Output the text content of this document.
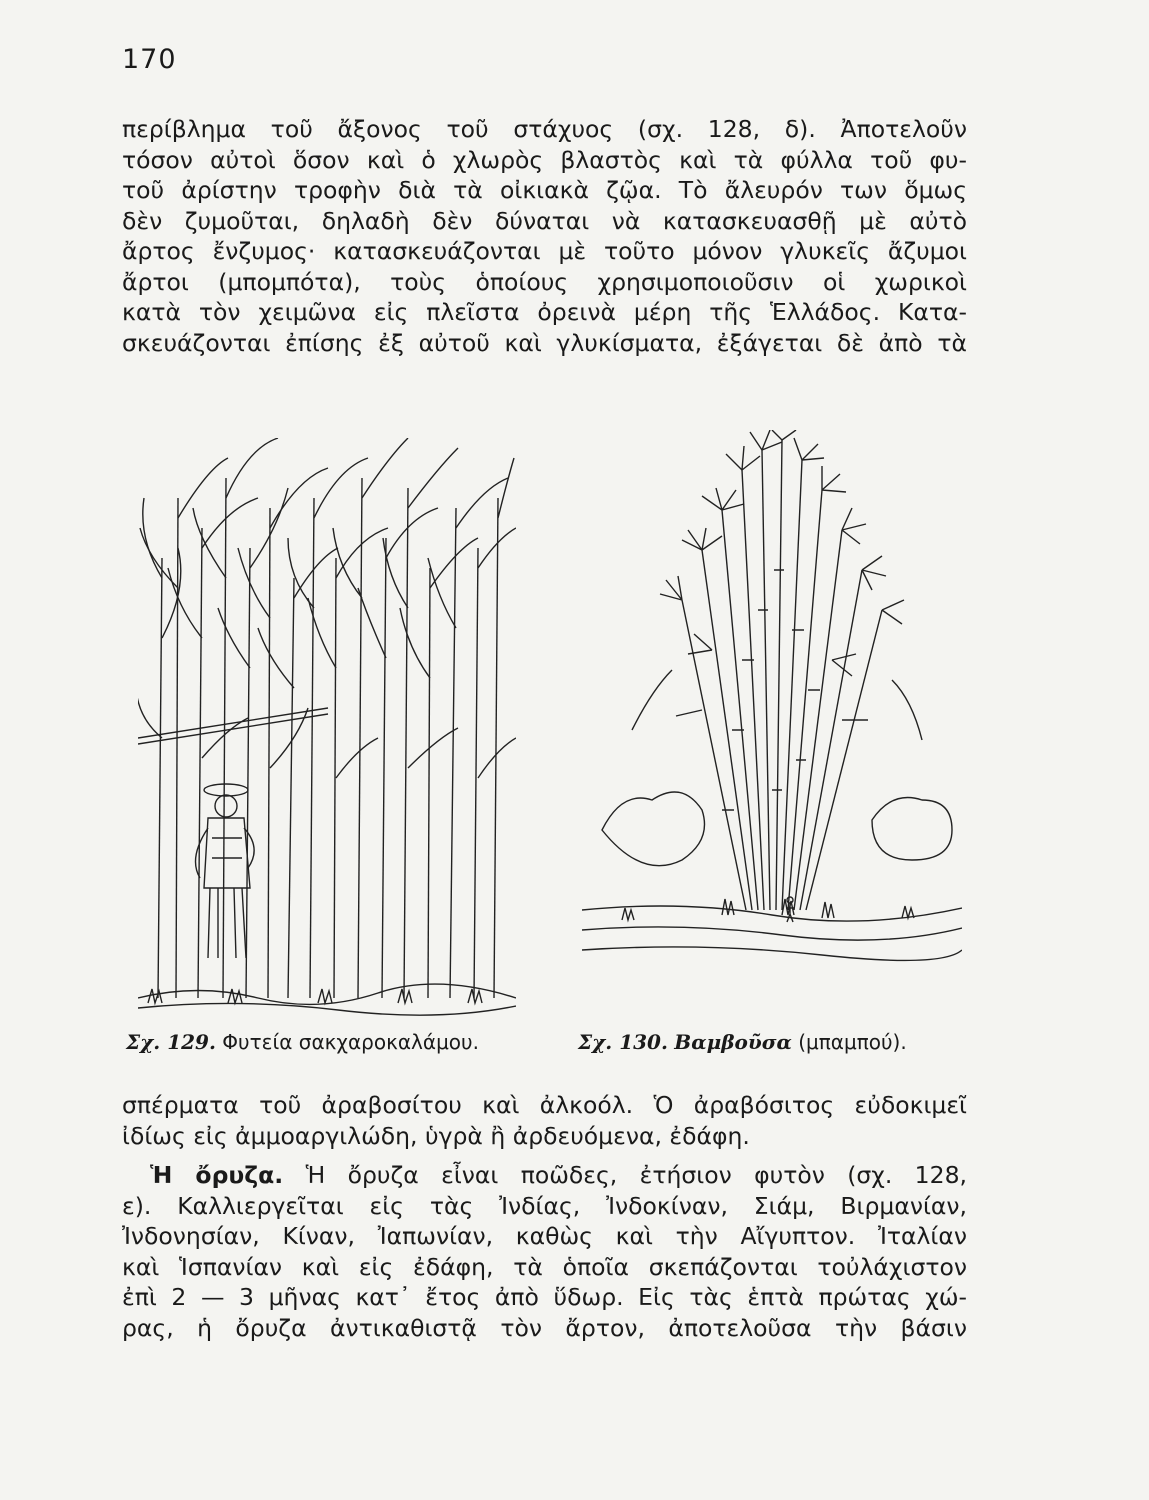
170
περίβλημα τοῦ ἄξονος τοῦ στάχυος (σχ. 128, δ). Ἀποτελοῦν
τόσον αὐτοὶ ὅσον καὶ ὁ χλωρὸς βλαστὸς καὶ τὰ φύλλα τοῦ φυ-
τοῦ ἀρίστην τροφὴν διὰ τὰ οἰκιακὰ ζῷα. Τὸ ἄλευρόν των ὅμως
δὲν ζυμοῦται, δηλαδὴ δὲν δύναται νὰ κατασκευασθῇ μὲ αὐτὸ
ἄρτος ἔνζυμος· κατασκευάζονται μὲ τοῦτο μόνον γλυκεῖς ἄζυμοι
ἄρτοι (μπομπότα), τοὺς ὁποίους χρησιμοποιοῦσιν οἱ χωρικοὶ
κατὰ τὸν χειμῶνα εἰς πλεῖστα ὀρεινὰ μέρη τῆς Ἑλλάδος. Κατα-
σκευάζονται ἐπίσης ἐξ αὐτοῦ καὶ γλυκίσματα, ἐξάγεται δὲ ἀπὸ τὰ
Σχ. 129. Φυτεία σακχαροκαλάμου.	Σχ. 130. Βαμβοῦσα (μπαμπού).
σπέρματα τοῦ ἀραβοσίτου καὶ ἀλκοόλ. Ὁ ἀραβόσιτος εὐδοκιμεῖ
ἰδίως εἰς ἀμμοαργιλώδη, ὑγρὰ ἢ ἀρδευόμενα, ἐδάφη.
Ἡ ὄρυζα. Ἡ ὄρυζα εἶναι ποῶδες, ἐτήσιον φυτὸν (σχ. 128,
ε). Καλλιεργεῖται εἰς τὰς Ἰνδίας, Ἰνδοκίναν, Σιάμ, Βιρμανίαν,
Ἰνδονησίαν, Κίναν, Ἰαπωνίαν, καθὼς καὶ τὴν Αἴγυπτον. Ἰταλίαν
καὶ Ἱσπανίαν καὶ εἰς ἐδάφη, τὰ ὁποῖα σκεπάζονται τοὐλάχιστον
ἐπὶ 2 — 3 μῆνας κατ᾿ ἔτος ἀπὸ ὕδωρ. Εἰς τὰς ἑπτὰ πρώτας χώ-
ρας, ἡ ὄρυζα ἀντικαθιστᾷ τὸν ἄρτον, ἀποτελοῦσα τὴν βάσιν
